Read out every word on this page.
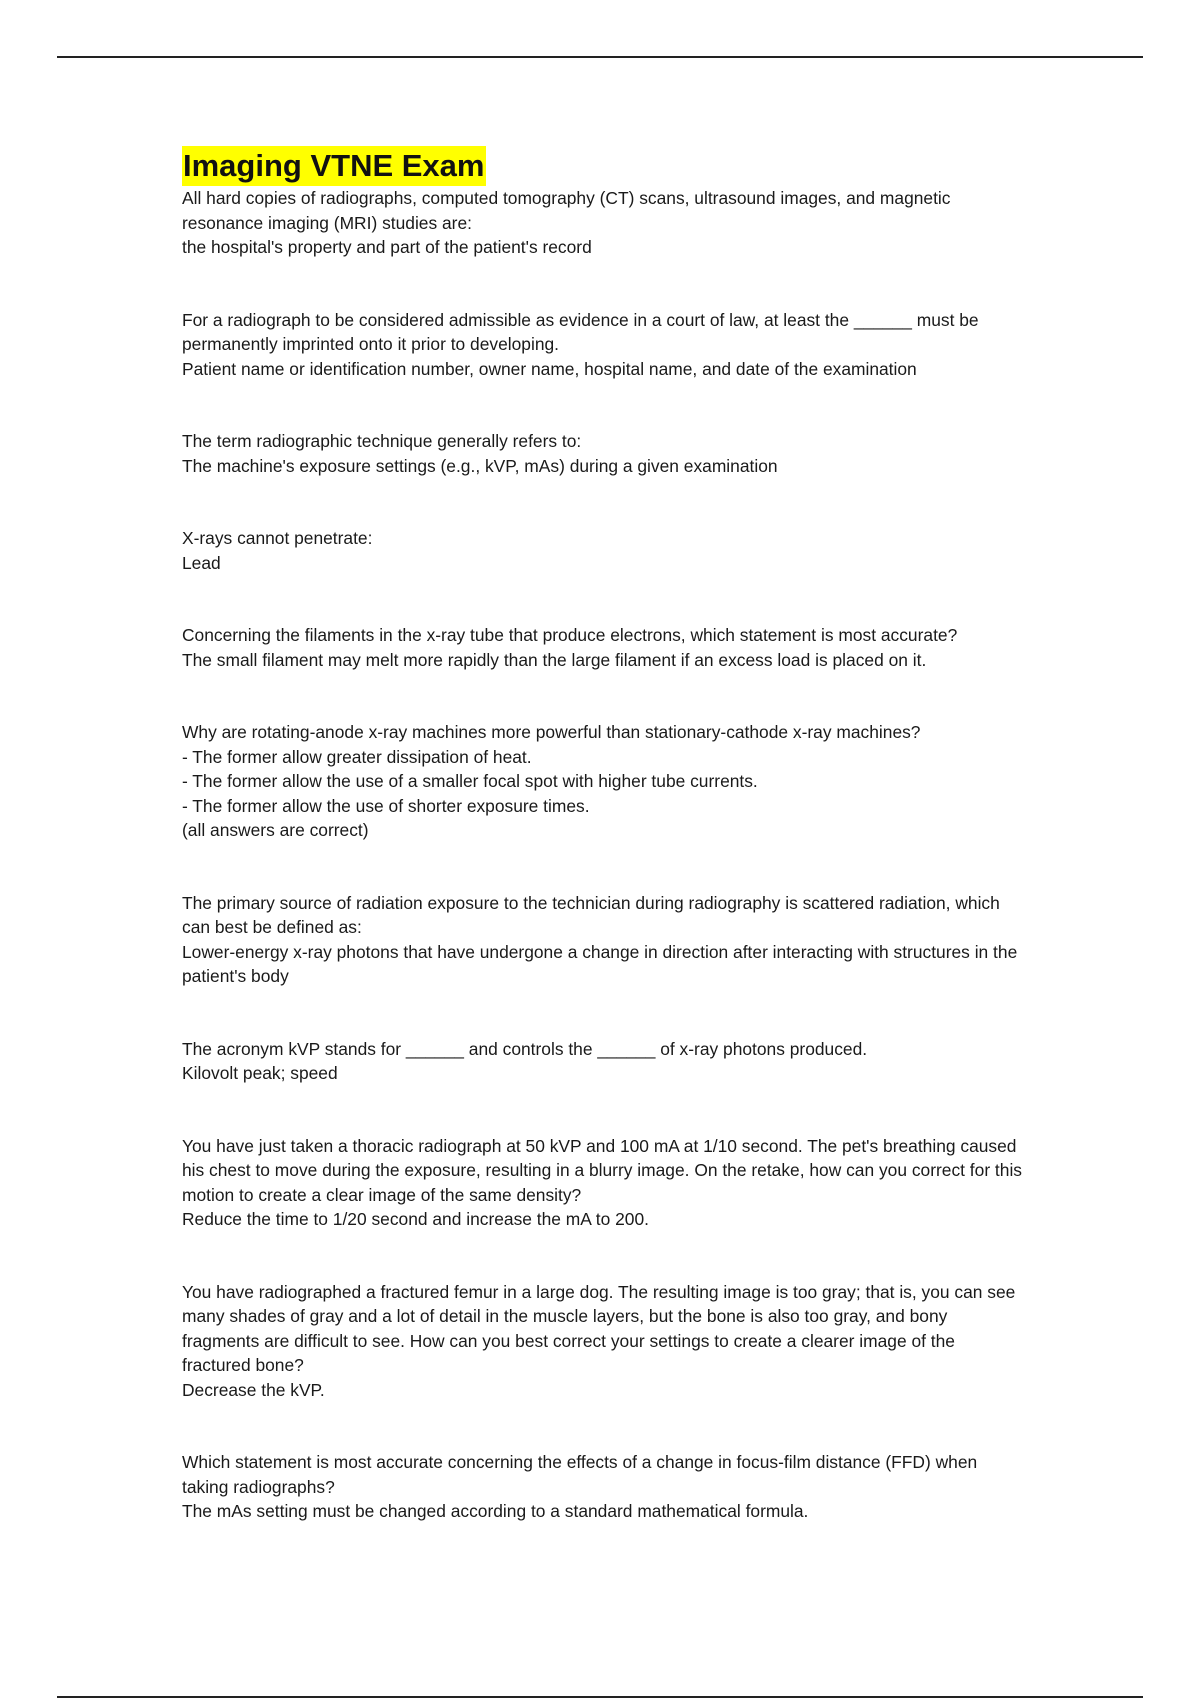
Imaging VTNE Exam

All hard copies of radiographs, computed tomography (CT) scans, ultrasound images, and magnetic resonance imaging (MRI) studies are:

the hospital's property and part of the patient's record

For a radiograph to be considered admissible as evidence in a court of law, at least the ______ must be permanently imprinted onto it prior to developing.

Patient name or identification number, owner name, hospital name, and date of the examination

The term radiographic technique generally refers to:

The machine's exposure settings (e.g., kVP, mAs) during a given examination

X-rays cannot penetrate:

Lead

Concerning the filaments in the x-ray tube that produce electrons, which statement is most accurate?

The small filament may melt more rapidly than the large filament if an excess load is placed on it.

Why are rotating-anode x-ray machines more powerful than stationary-cathode x-ray machines?

- The former allow greater dissipation of heat.

- The former allow the use of a smaller focal spot with higher tube currents.

- The former allow the use of shorter exposure times.

(all answers are correct)

The primary source of radiation exposure to the technician during radiography is scattered radiation, which can best be defined as:

Lower-energy x-ray photons that have undergone a change in direction after interacting with structures in the patient's body

The acronym kVP stands for ______ and controls the ______ of x-ray photons produced.

Kilovolt peak; speed

You have just taken a thoracic radiograph at 50 kVP and 100 mA at 1/10 second. The pet's breathing caused his chest to move during the exposure, resulting in a blurry image. On the retake, how can you correct for this motion to create a clear image of the same density?

Reduce the time to 1/20 second and increase the mA to 200.

You have radiographed a fractured femur in a large dog. The resulting image is too gray; that is, you can see many shades of gray and a lot of detail in the muscle layers, but the bone is also too gray, and bony fragments are difficult to see. How can you best correct your settings to create a clearer image of the fractured bone?

Decrease the kVP.

Which statement is most accurate concerning the effects of a change in focus-film distance (FFD) when taking radiographs?

The mAs setting must be changed according to a standard mathematical formula.
